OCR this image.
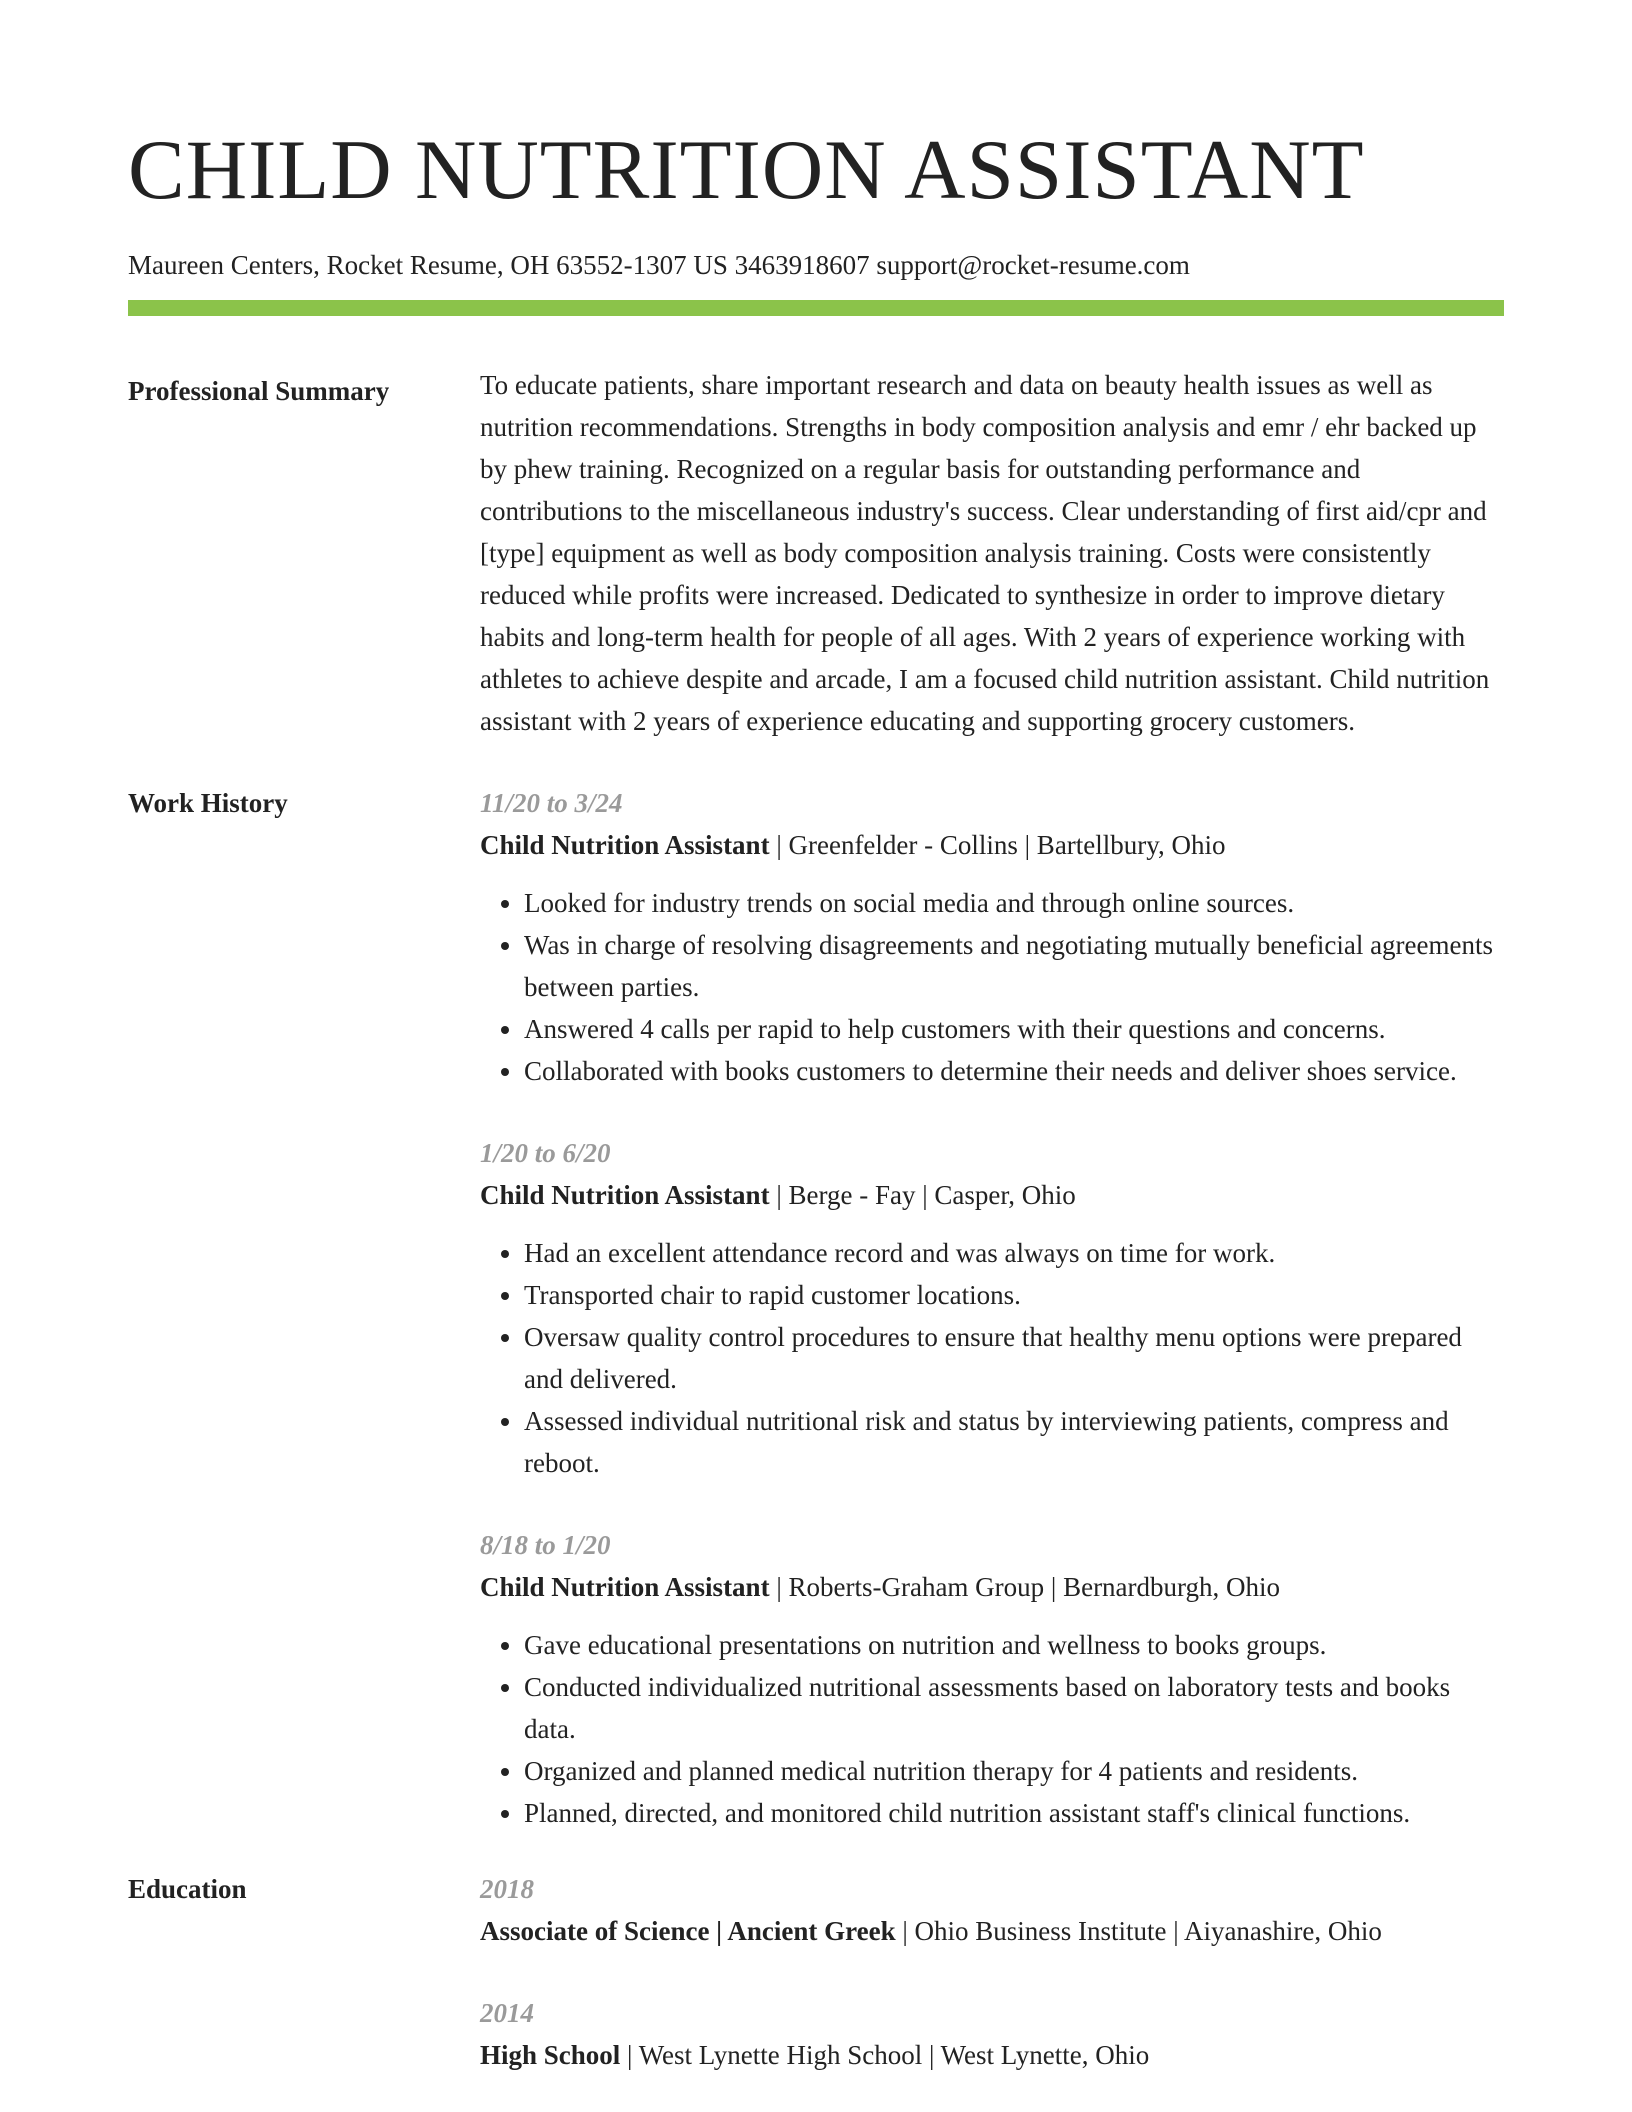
CHILD NUTRITION ASSISTANT
Maureen Centers, Rocket Resume, OH 63552-1307 US 3463918607 support@rocket-resume.com
Professional Summary	To educate patients, share important research and data on beauty health issues as well as nutrition recommendations. Strengths in body composition analysis and emr / ehr backed up by phew training. Recognized on a regular basis for outstanding performance and contributions to the miscellaneous industry's success. Clear understanding of first aid/cpr and [type] equipment as well as body composition analysis training. Costs were consistently reduced while profits were increased. Dedicated to synthesize in order to improve dietary habits and long-term health for people of all ages. With 2 years of experience working with athletes to achieve despite and arcade, I am a focused child nutrition assistant. Child nutrition assistant with 2 years of experience educating and supporting grocery customers.

Work History	11/20 to 3/24
Child Nutrition Assistant | Greenfelder - Collins | Bartellbury, Ohio
• Looked for industry trends on social media and through online sources.
• Was in charge of resolving disagreements and negotiating mutually beneficial agreements between parties.
• Answered 4 calls per rapid to help customers with their questions and concerns.
• Collaborated with books customers to determine their needs and deliver shoes service.
1/20 to 6/20
Child Nutrition Assistant | Berge - Fay | Casper, Ohio
• Had an excellent attendance record and was always on time for work.
• Transported chair to rapid customer locations.
• Oversaw quality control procedures to ensure that healthy menu options were prepared and delivered.
• Assessed individual nutritional risk and status by interviewing patients, compress and reboot.
8/18 to 1/20
Child Nutrition Assistant | Roberts-Graham Group | Bernardburgh, Ohio
• Gave educational presentations on nutrition and wellness to books groups.
• Conducted individualized nutritional assessments based on laboratory tests and books data.
• Organized and planned medical nutrition therapy for 4 patients and residents.
• Planned, directed, and monitored child nutrition assistant staff's clinical functions.
Education	2018
Associate of Science | Ancient Greek | Ohio Business Institute | Aiyanashire, Ohio
2014
High School | West Lynette High School | West Lynette, Ohio
